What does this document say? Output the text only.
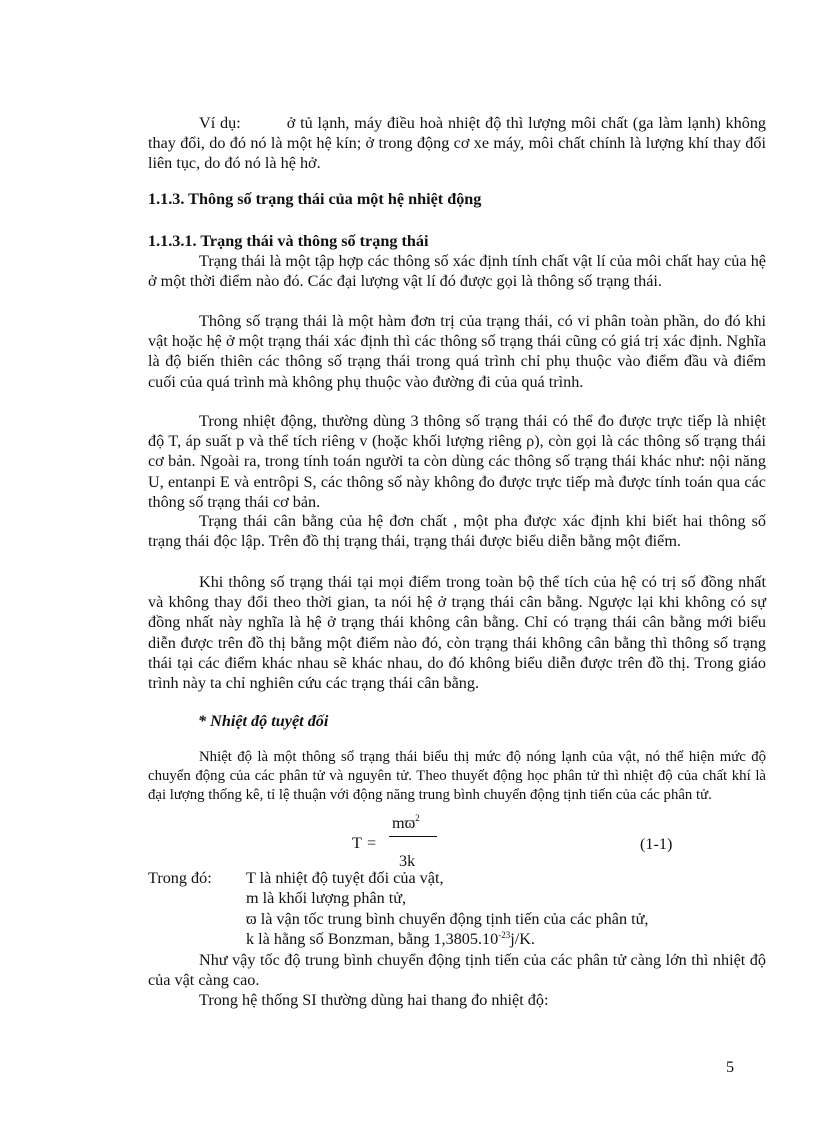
Ví dụ:	ở tủ lạnh, máy điều hoà nhiệt độ thì lượng môi chất (ga làm lạnh) không thay đổi, do đó nó là một hệ kín; ở trong động cơ xe máy, môi chất chính là lượng khí thay đổi liên tục, do đó nó là hệ hở.

1.1.3. Thông số trạng thái của một hệ nhiệt động

1.1.3.1. Trạng thái và thông số trạng thái

Trạng thái là một tập hợp các thông số xác định tính chất vật lí của môi chất hay của hệ ở một thời điểm nào đó. Các đại lượng vật lí đó được gọi là thông số trạng thái.

Thông số trạng thái là một hàm đơn trị của trạng thái, có vi phân toàn phần, do đó khi vật hoặc hệ ở một trạng thái xác định thì các thông số trạng thái cũng có giá trị xác định. Nghĩa là độ biến thiên các thông số trạng thái trong quá trình chỉ phụ thuộc vào điểm đầu và điểm cuối của quá trình mà không phụ thuộc vào đường đi của quá trình.

Trong nhiệt động, thường dùng 3 thông số trạng thái có thể đo được trực tiếp là nhiệt độ T, áp suất p và thể tích riêng v (hoặc khối lượng riêng ρ), còn gọi là các thông số trạng thái cơ bản. Ngoài ra, trong tính toán người ta còn dùng các thông số trạng thái khác như: nội năng U, entanpi E và entrôpi S, các thông số này không đo được trực tiếp mà được tính toán qua các thông số trạng thái cơ bản.

Trạng thái cân bằng của hệ đơn chất , một pha được xác định khi biết hai thông số trạng thái độc lập. Trên đồ thị trạng thái, trạng thái được biểu diễn bằng một điểm.

Khi thông số trạng thái tại mọi điểm trong toàn bộ thể tích của hệ có trị số đồng nhất và không thay đổi theo thời gian, ta nói hệ ở trạng thái cân bằng. Ngược lại khi không có sự đồng nhất này nghĩa là hệ ở trạng thái không cân bằng. Chỉ có trạng thái cân bằng mới biểu diễn được trên đồ thị bằng một điểm nào đó, còn trạng thái không cân bằng thì thông số trạng thái tại các điểm khác nhau sẽ khác nhau, do đó không biểu diễn được trên đồ thị. Trong giáo trình này ta chỉ nghiên cứu các trạng thái cân bằng.

* Nhiệt độ tuyệt đối

Nhiệt độ là một thông số trạng thái biểu thị mức độ nóng lạnh của vật, nó thể hiện mức độ chuyển động của các phân tử và nguyên tử. Theo thuyết động học phân tử thì nhiệt độ của chất khí là đại lượng thống kê, tỉ lệ thuận với động năng trung bình chuyển động tịnh tiến của các phân tử.

T =
$mϖ^2$
3k
(1-1)
Trong đó: T là nhiệt độ tuyệt đối của vật,
m là khối lượng phân tử,
ϖ là vận tốc trung bình chuyển động tịnh tiến của các phân tử,
k là hằng số Bonzman, bằng $1,3805.10^{-23}j/K$.

Như vậy tốc độ trung bình chuyển động tịnh tiến của các phân tử càng lớn thì nhiệt độ của vật càng cao.

Trong hệ thống SI thường dùng hai thang đo nhiệt độ:

5
